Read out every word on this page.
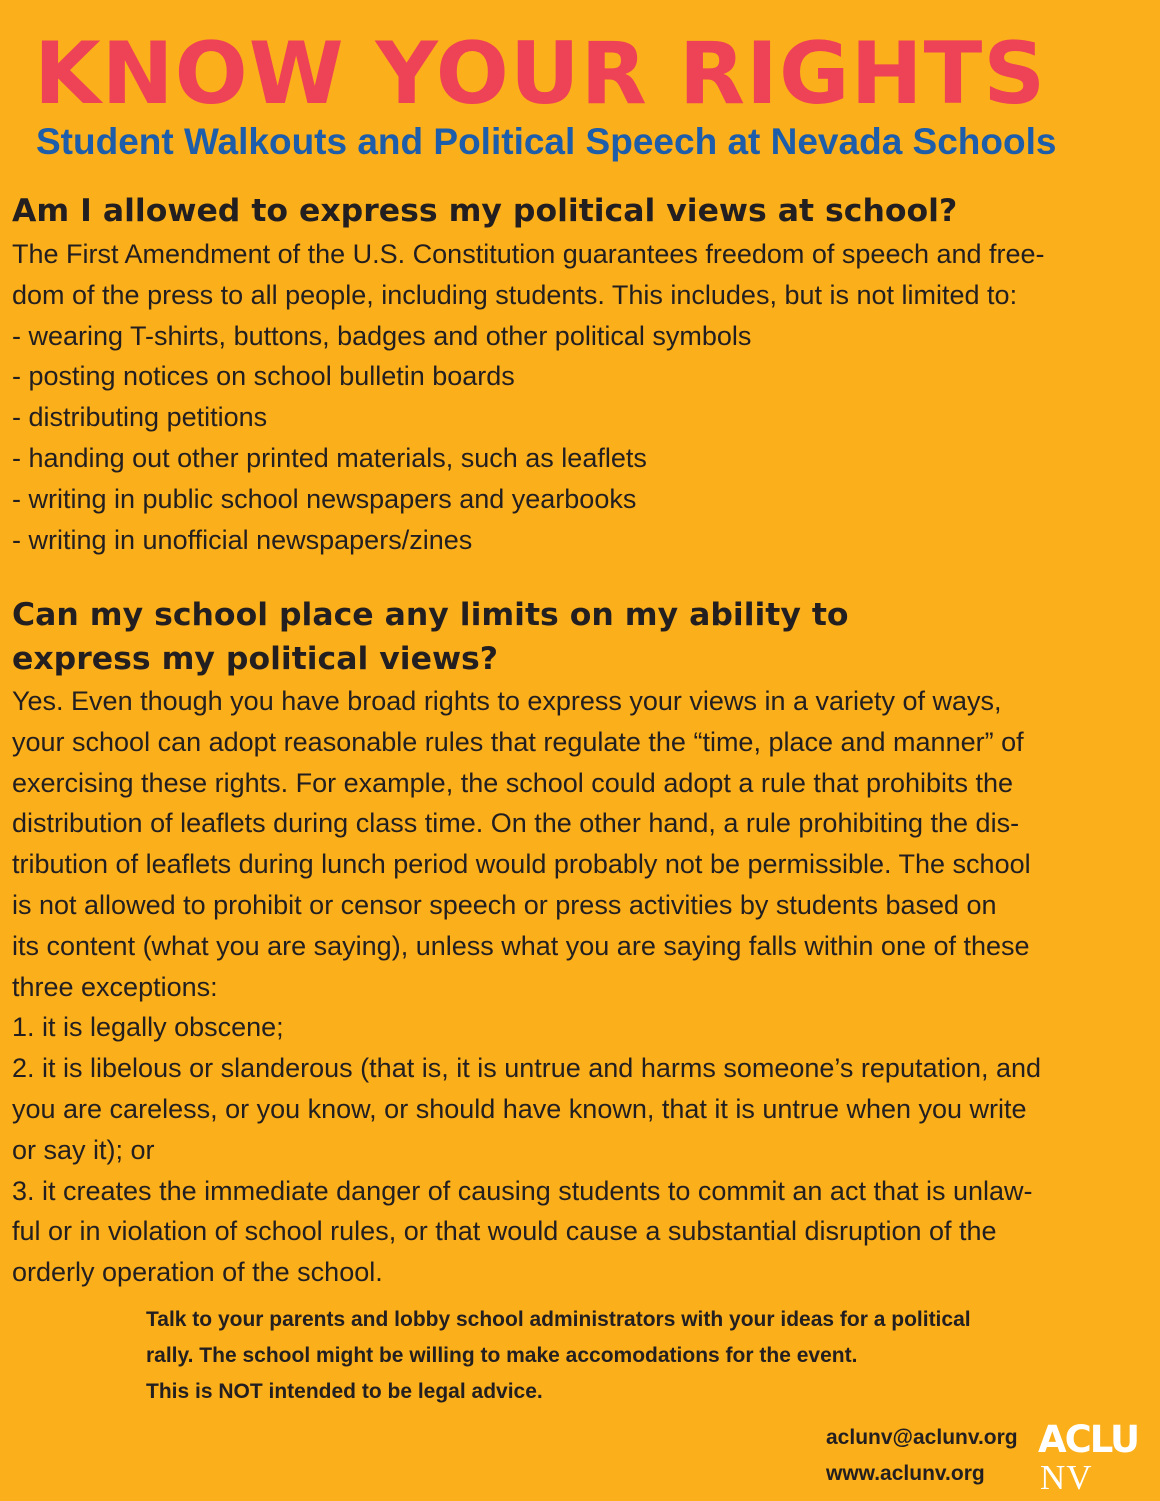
KNOW YOUR RIGHTS
Student Walkouts and Political Speech at Nevada Schools
Am I allowed to express my political views at school?
The First Amendment of the U.S. Constitution guarantees freedom of speech and free-
dom of the press to all people, including students. This includes, but is not limited to:
- wearing T-shirts, buttons, badges and other political symbols
- posting notices on school bulletin boards
- distributing petitions
- handing out other printed materials, such as leaflets
- writing in public school newspapers and yearbooks
- writing in unofficial newspapers/zines
Can my school place any limits on my ability to
express my political views?
Yes. Even though you have broad rights to express your views in a variety of ways,
your school can adopt reasonable rules that regulate the “time, place and manner” of
exercising these rights. For example, the school could adopt a rule that prohibits the
distribution of leaflets during class time. On the other hand, a rule prohibiting the dis-
tribution of leaflets during lunch period would probably not be permissible. The school
is not allowed to prohibit or censor speech or press activities by students based on
its content (what you are saying), unless what you are saying falls within one of these
three exceptions:
1. it is legally obscene;
2. it is libelous or slanderous (that is, it is untrue and harms someone’s reputation, and
you are careless, or you know, or should have known, that it is untrue when you write
or say it); or
3. it creates the immediate danger of causing students to commit an act that is unlaw-
ful or in violation of school rules, or that would cause a substantial disruption of the
orderly operation of the school.
Talk to your parents and lobby school administrators with your ideas for a political
rally. The school might be willing to make accomodations for the event.
This is NOT intended to be legal advice.
aclunv@aclunv.org
www.aclunv.org
ACLU
NV
